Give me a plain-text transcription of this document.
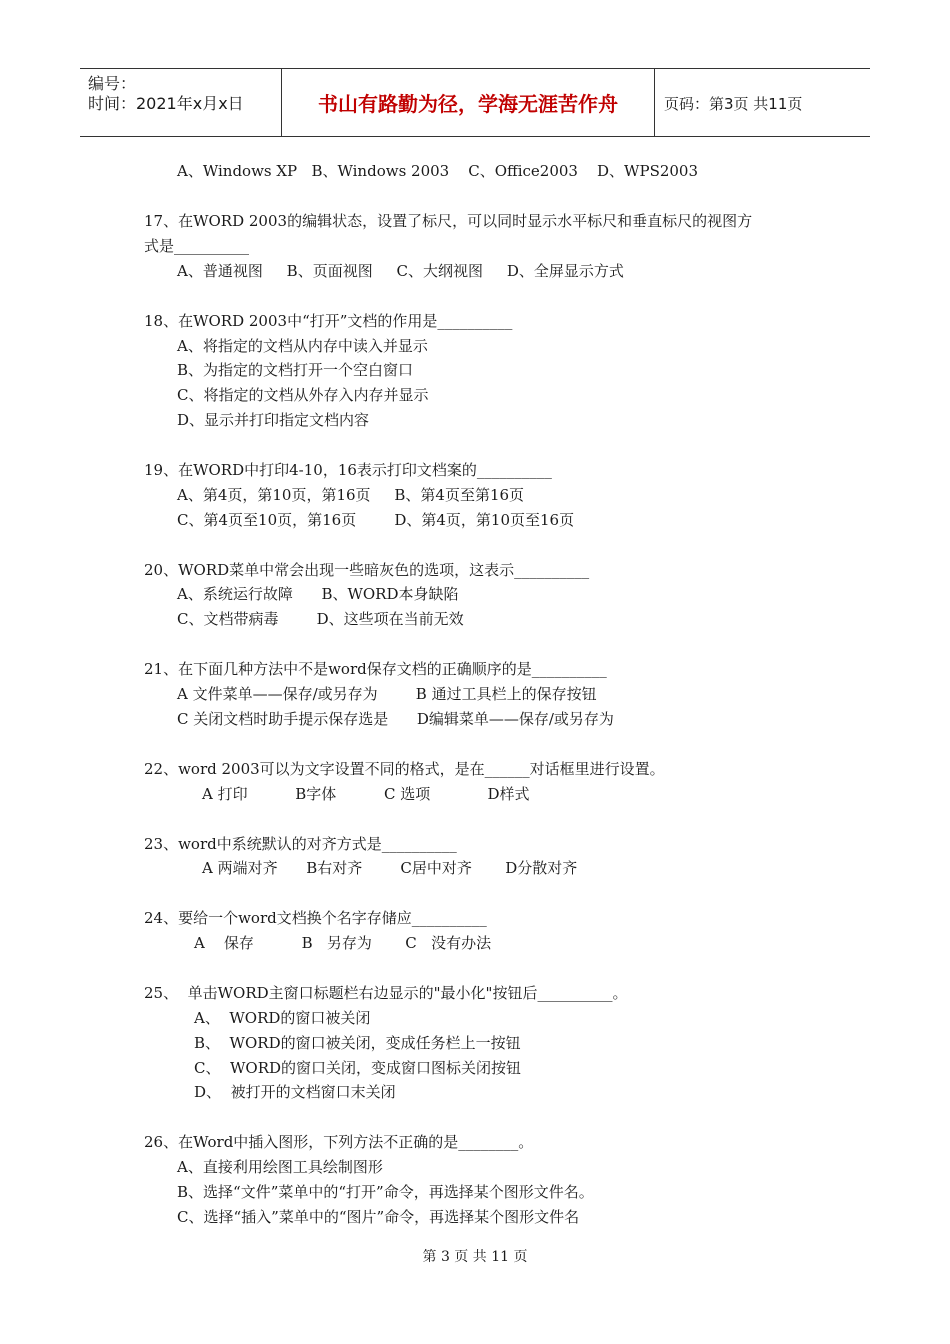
编号：
时间：2021年x月x日	书山有路勤为径，学海无涯苦作舟	页码：第3页 共11页
A、Windows XP   B、Windows 2003    C、Office2003    D、WPS2003
17、在WORD 2003的编辑状态，设置了标尺，可以同时显示水平标尺和垂直标尺的视图方
式是__________
A、普通视图     B、页面视图     C、大纲视图     D、全屏显示方式
18、在WORD 2003中“打开”文档的作用是__________
A、将指定的文档从内存中读入并显示
B、为指定的文档打开一个空白窗口
C、将指定的文档从外存入内存并显示
D、显示并打印指定文档内容
19、在WORD中打印4-10，16表示打印文档案的__________
A、第4页，第10页，第16页     B、第4页至第16页
C、第4页至10页，第16页        D、第4页，第10页至16页
20、WORD菜单中常会出现一些暗灰色的选项，这表示__________
A、系统运行故障      B、WORD本身缺陷
C、文档带病毒        D、这些项在当前无效
21、在下面几种方法中不是word保存文档的正确顺序的是__________
A 文件菜单——保存/或另存为        B 通过工具栏上的保存按钮
C 关闭文档时助手提示保存选是      D编辑菜单——保存/或另存为
22、word 2003可以为文字设置不同的格式，是在______对话框里进行设置。
A 打印          B字体          C 选项            D样式
23、word中系统默认的对齐方式是__________
A 两端对齐      B右对齐        C居中对齐       D分散对齐
24、要给一个word文档换个名字存储应__________
A    保存          B   另存为       C   没有办法
25、  单击WORD主窗口标题栏右边显示的"最小化"按钮后__________。
A、  WORD的窗口被关闭
B、  WORD的窗口被关闭，变成任务栏上一按钮
C、  WORD的窗口关闭，变成窗口图标关闭按钮
D、  被打开的文档窗口末关闭
26、在Word中插入图形，下列方法不正确的是________。
A、直接利用绘图工具绘制图形
B、选择“文件”菜单中的“打开”命令，再选择某个图形文件名。
C、选择“插入”菜单中的“图片”命令，再选择某个图形文件名
第 3 页 共 11 页
